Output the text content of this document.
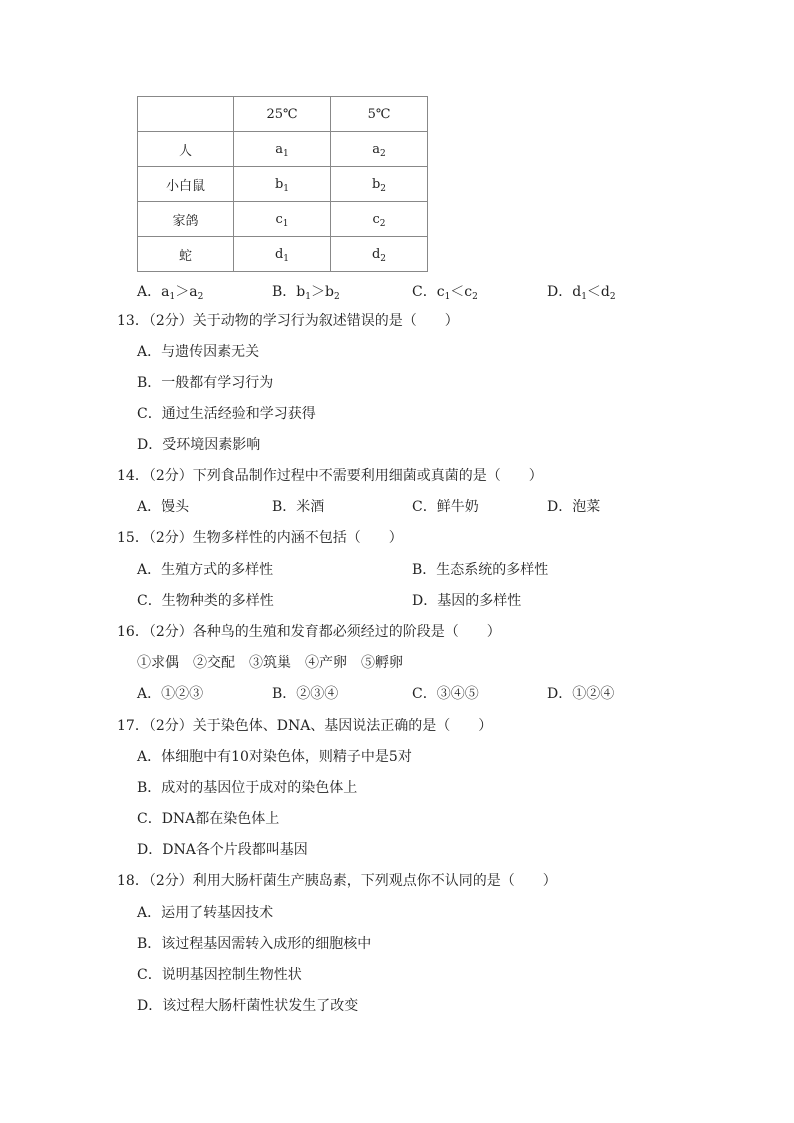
	25℃	5℃
人	$a_1$	$a_2$
小白鼠	$b_1$	$b_2$
家鸽	$c_1$	$c_2$
蛇	$d_1$	$d_2$
A．$a_1>a_2$	B．$b_1>b_2$	C．$c_1<c_2$	D．$d_1<d_2$
13．（2分）关于动物的学习行为叙述错误的是（　　）
A．与遗传因素无关
B．一般都有学习行为
C．通过生活经验和学习获得
D．受环境因素影响
14．（2分）下列食品制作过程中不需要利用细菌或真菌的是（　　）
A．馒头	B．米酒	C．鲜牛奶	D．泡菜
15．（2分）生物多样性的内涵不包括（　　）
A．生殖方式的多样性	B．生态系统的多样性
C．生物种类的多样性	D．基因的多样性
16．（2分）各种鸟的生殖和发育都必须经过的阶段是（　　）
①求偶　②交配　③筑巢　④产卵　⑤孵卵
A．①②③	B．②③④	C．③④⑤	D．①②④
17．（2分）关于染色体、DNA、基因说法正确的是（　　）
A．体细胞中有10对染色体，则精子中是5对
B．成对的基因位于成对的染色体上
C．DNA都在染色体上
D．DNA各个片段都叫基因
18．（2分）利用大肠杆菌生产胰岛素，下列观点你不认同的是（　　）
A．运用了转基因技术
B．该过程基因需转入成形的细胞核中
C．说明基因控制生物性状
D．该过程大肠杆菌性状发生了改变
